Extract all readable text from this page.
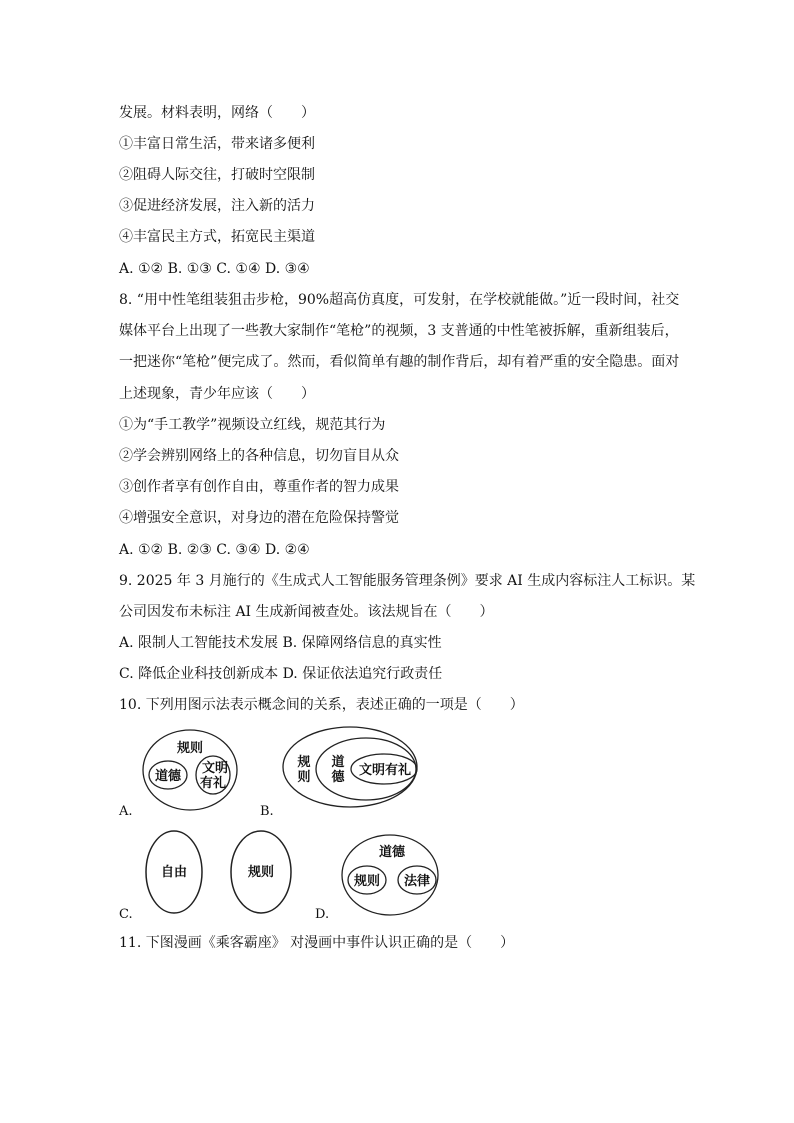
发展。材料表明，网络（　　）
①丰富日常生活，带来诸多便利
②阻碍人际交往，打破时空限制
③促进经济发展，注入新的活力
④丰富民主方式，拓宽民主渠道
A. ①② B. ①③ C. ①④ D. ③④
8. “用中性笔组装狙击步枪，90%超高仿真度，可发射，在学校就能做。”近一段时间，社交
媒体平台上出现了一些教大家制作“笔枪”的视频，3 支普通的中性笔被拆解，重新组装后，
一把迷你“笔枪”便完成了。然而，看似简单有趣的制作背后，却有着严重的安全隐患。面对
上述现象，青少年应该（　　）
①为“手工教学”视频设立红线，规范其行为
②学会辨别网络上的各种信息，切勿盲目从众
③创作者享有创作自由，尊重作者的智力成果
④增强安全意识，对身边的潜在危险保持警觉
A. ①② B. ②③ C. ③④ D. ②④
9. 2025 年 3 月施行的《生成式人工智能服务管理条例》要求 AI 生成内容标注人工标识。某
公司因发布未标注 AI 生成新闻被查处。该法规旨在（　　）
A. 限制人工智能技术发展 B. 保障网络信息的真实性
C. 降低企业科技创新成本 D. 保证依法追究行政责任
10. 下列用图示法表示概念间的关系，表述正确的一项是（　　）
规则
道德
文明
有礼
规
则
道
德 文明有礼
自由	规则
道德
规则 法律
A.	B.
C.	D.
11. 下图漫画《乘客霸座》 对漫画中事件认识正确的是（　　）
